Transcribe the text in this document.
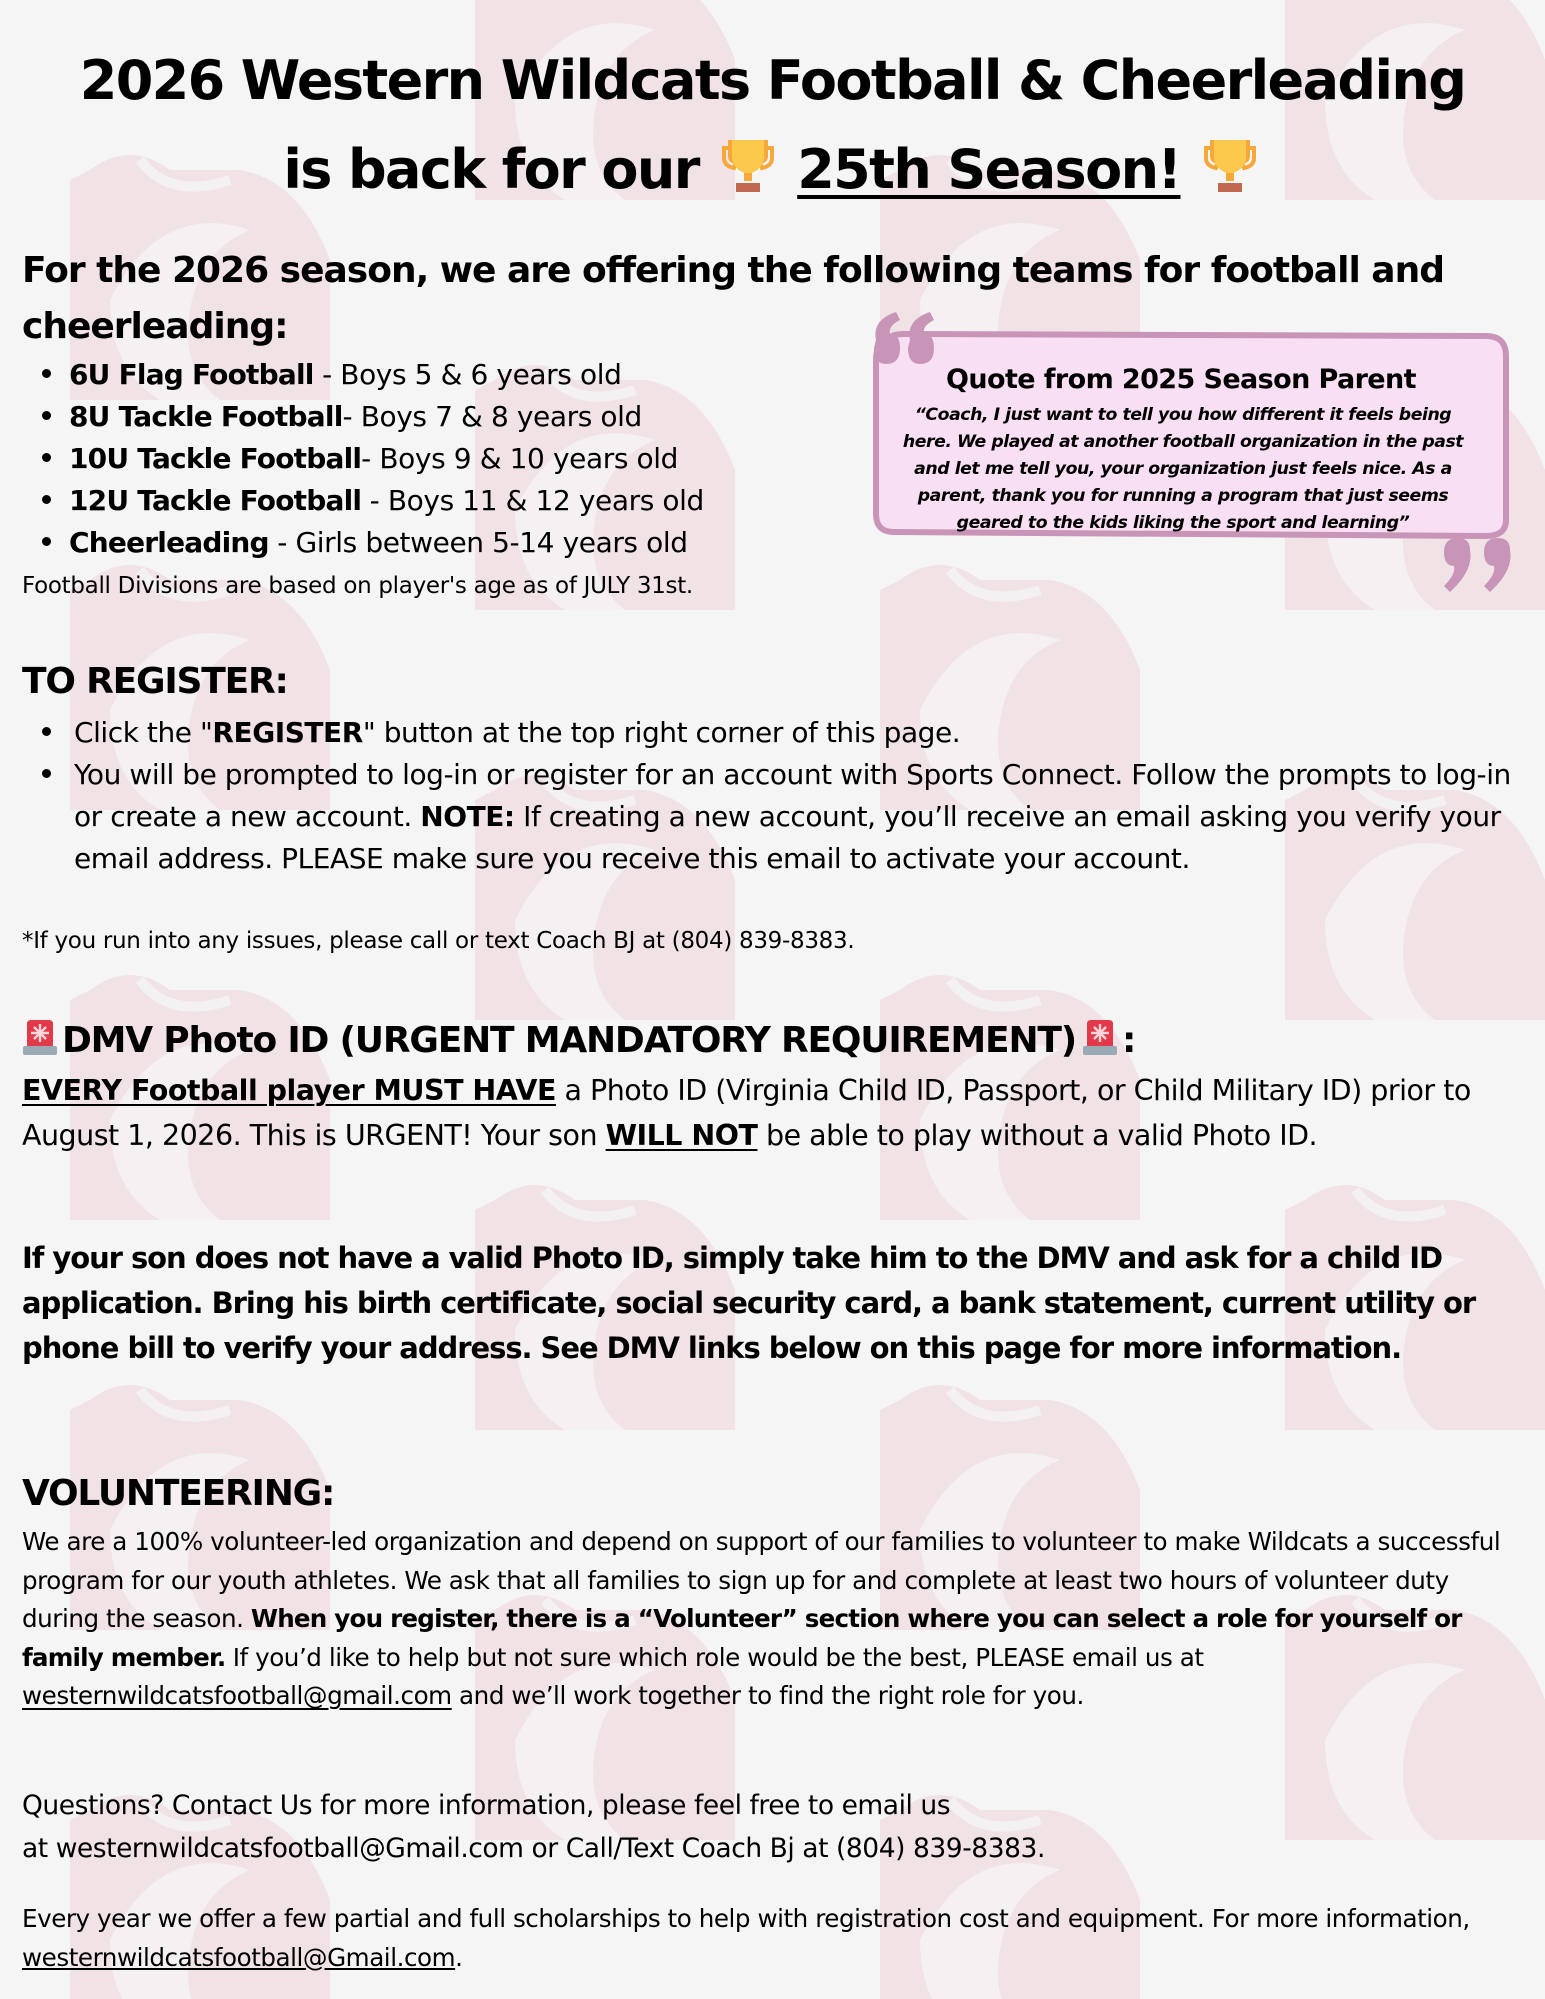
2026 Western Wildcats Football & Cheerleading
is back for our 25th Season!
For the 2026 season, we are offering the following teams for football and
cheerleading:
6U Flag Football - Boys 5 & 6 years old
8U Tackle Football- Boys 7 & 8 years old
10U Tackle Football- Boys 9 & 10 years old
12U Tackle Football - Boys 11 & 12 years old
Cheerleading - Girls between 5-14 years old
Football Divisions are based on player's age as of JULY 31st.
Quote from 2025 Season Parent
“Coach, I just want to tell you how different it feels being here. We played at another football organization in the past and let me tell you, your organization just feels nice. As a parent, thank you for running a program that just seems geared to the kids liking the sport and learning”
TO REGISTER:
Click the "REGISTER" button at the top right corner of this page.
You will be prompted to log-in or register for an account with Sports Connect. Follow the prompts to log-in or create a new account. NOTE: If creating a new account, you’ll receive an email asking you verify your email address. PLEASE make sure you receive this email to activate your account.
*If you run into any issues, please call or text Coach BJ at (804) 839-8383.
DMV Photo ID (URGENT MANDATORY REQUIREMENT) :
EVERY Football player MUST HAVE a Photo ID (Virginia Child ID, Passport, or Child Military ID) prior to August 1, 2026. This is URGENT! Your son WILL NOT be able to play without a valid Photo ID.
If your son does not have a valid Photo ID, simply take him to the DMV and ask for a child ID application. Bring his birth certificate, social security card, a bank statement, current utility or phone bill to verify your address. See DMV links below on this page for more information.
VOLUNTEERING:
We are a 100% volunteer-led organization and depend on support of our families to volunteer to make Wildcats a successful program for our youth athletes. We ask that all families to sign up for and complete at least two hours of volunteer duty during the season. When you register, there is a “Volunteer” section where you can select a role for yourself or family member. If you’d like to help but not sure which role would be the best, PLEASE email us at westernwildcatsfootball@gmail.com and we’ll work together to find the right role for you.
Questions? Contact Us for more information, please feel free to email us
at westernwildcatsfootball@Gmail.com or Call/Text Coach Bj at (804) 839-8383.
Every year we offer a few partial and full scholarships to help with registration cost and equipment. For more information, westernwildcatsfootball@Gmail.com.
